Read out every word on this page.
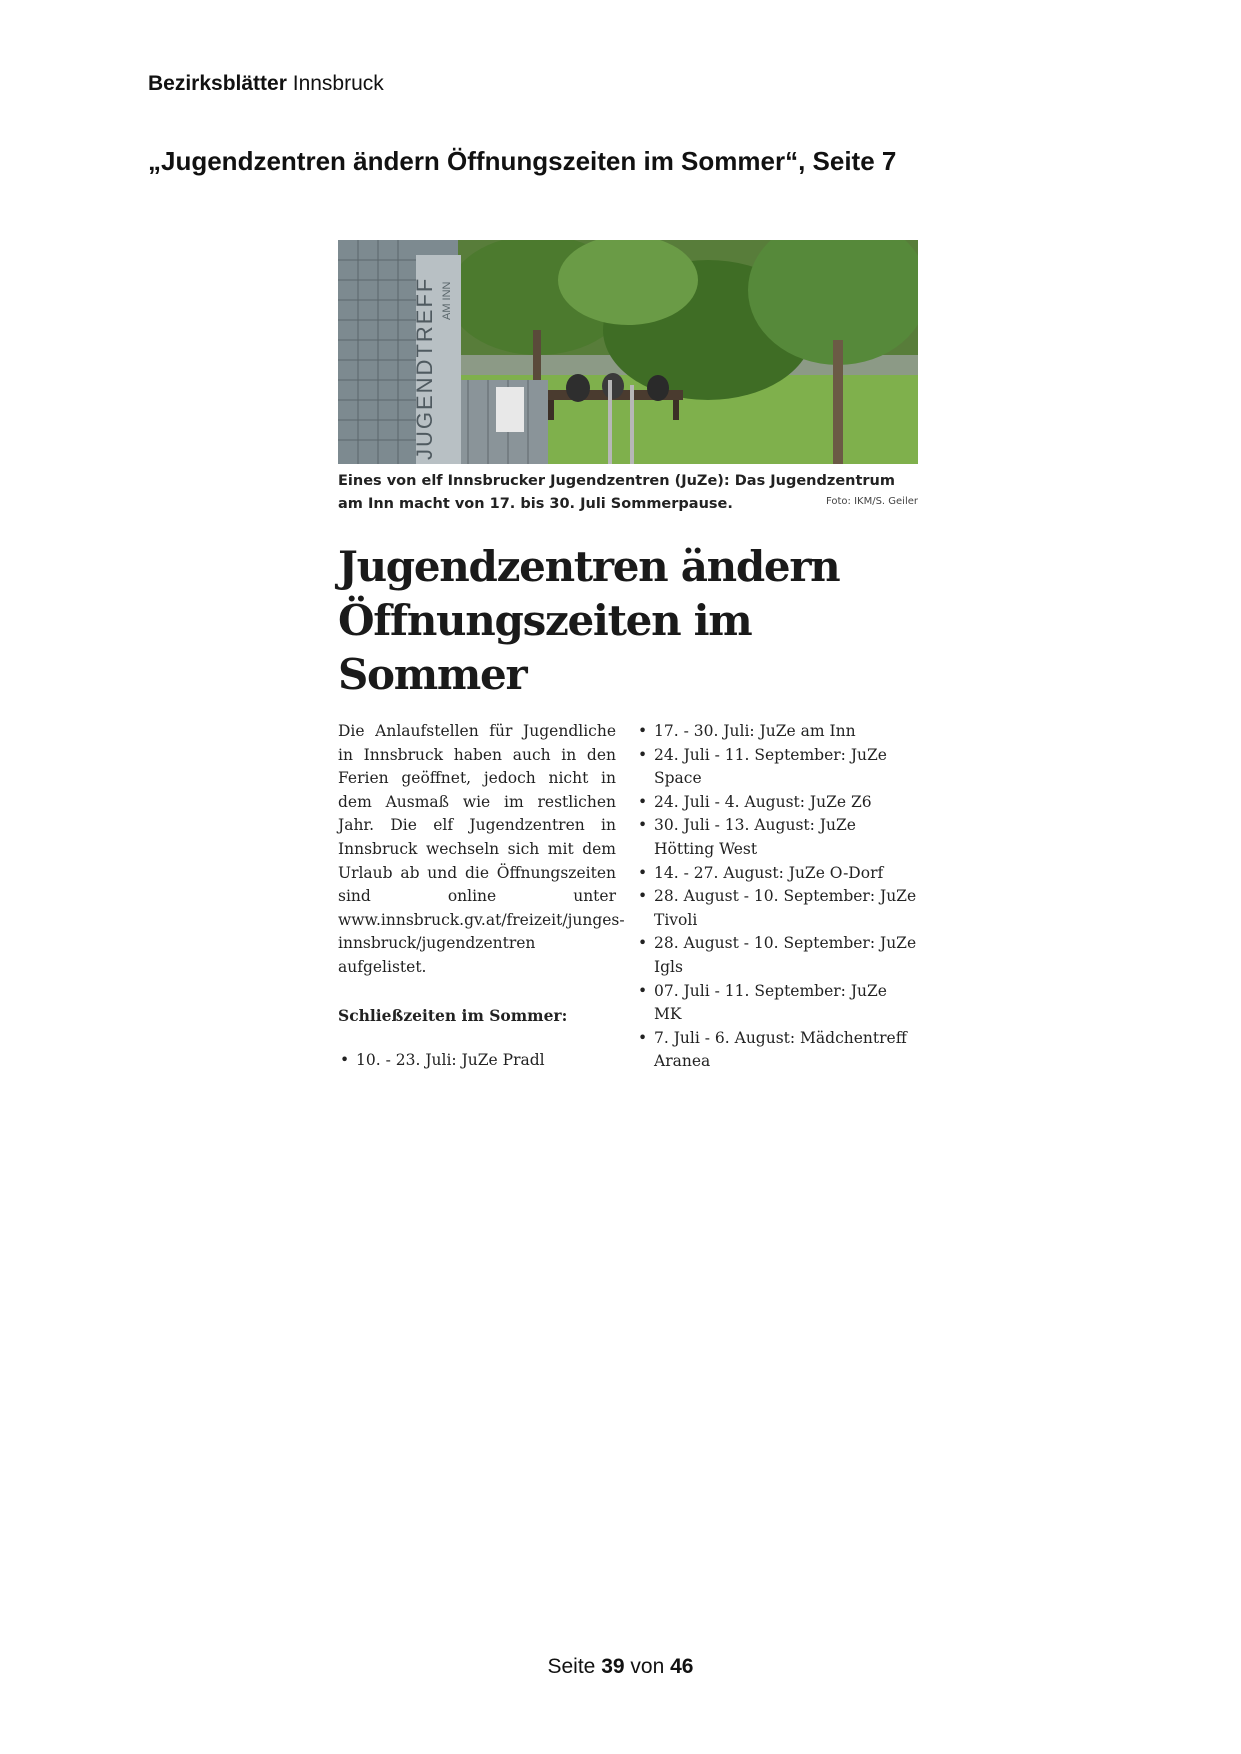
Bezirksblätter Innsbruck
„Jugendzentren ändern Öffnungszeiten im Sommer“, Seite 7
JUGENDTREFF AM INN
Eines von elf Innsbrucker Jugendzentren (JuZe): Das Jugendzentrum am Inn macht von 17. bis 30. Juli Sommerpause.	Foto: IKM/S. Geiler
Jugendzentren ändern
Öffnungszeiten im Sommer

Die Anlaufstellen für Jugendliche in Innsbruck haben auch in den Ferien geöffnet, jedoch nicht in dem Ausmaß wie im restlichen Jahr. Die elf Jugendzentren in Innsbruck wechseln sich mit dem Urlaub ab und die Öffnungszeiten sind online unter www.innsbruck.gv.at/freizeit/junges-innsbruck/jugendzentren aufgelistet.

Schließzeiten im Sommer:
• 10. - 23. Juli: JuZe Pradl
• 17. - 30. Juli: JuZe am Inn
• 24. Juli - 11. September: JuZe Space
• 24. Juli - 4. August: JuZe Z6
• 30. Juli - 13. August: JuZe Hötting West
• 14. - 27. August: JuZe O-Dorf
• 28. August - 10. September: JuZe Tivoli
• 28. August - 10. September: JuZe Igls
• 07. Juli - 11. September: JuZe MK
• 7. Juli - 6. August: Mädchentreff Aranea
Seite 39 von 46
